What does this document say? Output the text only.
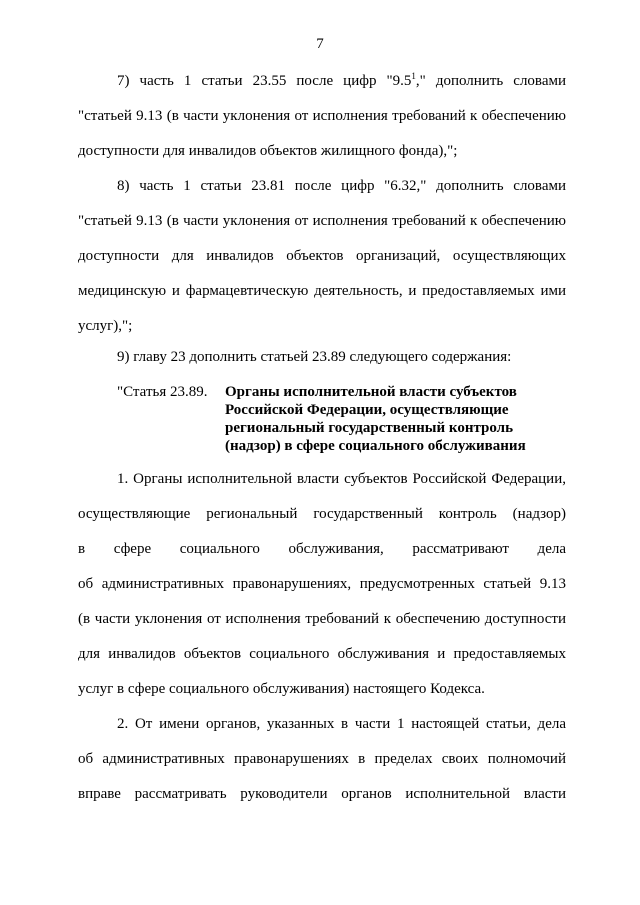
7
7) часть 1 статьи 23.55 после цифр "$9.5^1$," дополнить словами
"статьей 9.13 (в части уклонения от исполнения требований к обеспечению
доступности для инвалидов объектов жилищного фонда),";
8) часть 1 статьи 23.81 после цифр "6.32," дополнить словами
"статьей 9.13 (в части уклонения от исполнения требований к обеспечению
доступности для инвалидов объектов организаций, осуществляющих
медицинскую и фармацевтическую деятельность, и предоставляемых ими
услуг),";
9) главу 23 дополнить статьей 23.89 следующего содержания:
"Статья 23.89. Органы исполнительной власти субъектов
Российской Федерации, осуществляющие
региональный государственный контроль
(надзор) в сфере социального обслуживания
1. Органы исполнительной власти субъектов Российской Федерации,
осуществляющие региональный государственный контроль (надзор)
в сфере социального обслуживания, рассматривают дела
об административных правонарушениях, предусмотренных статьей 9.13
(в части уклонения от исполнения требований к обеспечению доступности
для инвалидов объектов социального обслуживания и предоставляемых
услуг в сфере социального обслуживания) настоящего Кодекса.
2. От имени органов, указанных в части 1 настоящей статьи, дела
об административных правонарушениях в пределах своих полномочий
вправе рассматривать руководители органов исполнительной власти
